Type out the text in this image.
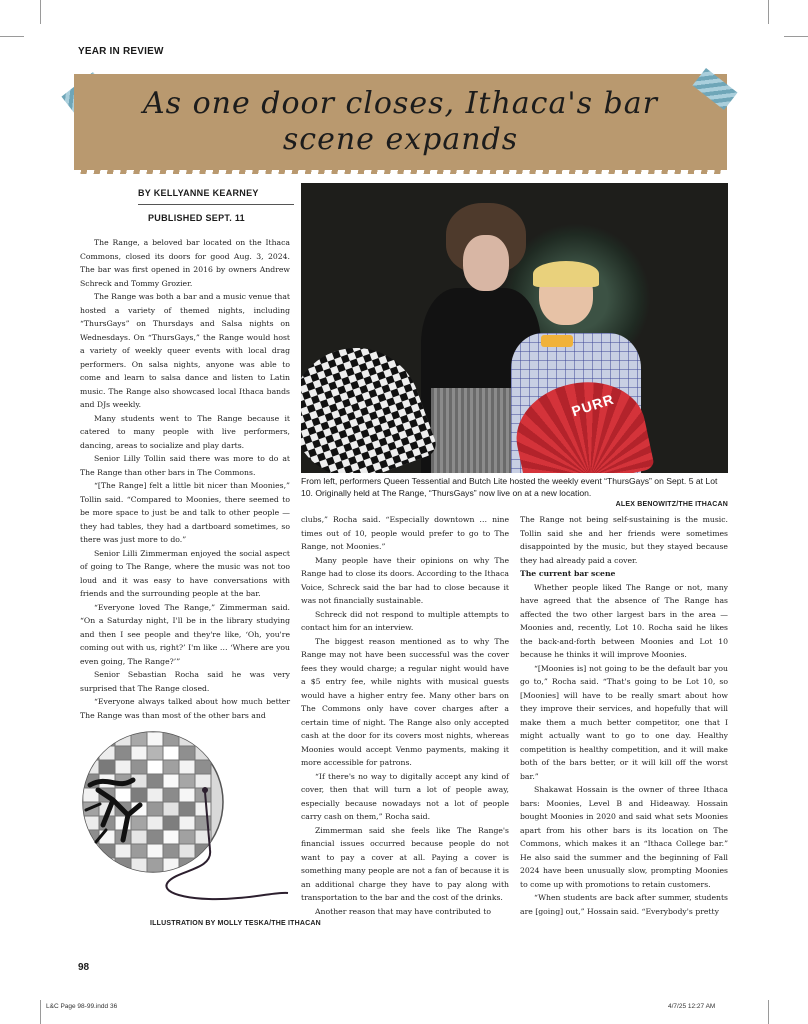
YEAR IN REVIEW
As one door closes, Ithaca's bar
scene expands
BY KELLYANNE KEARNEY
PUBLISHED SEPT. 11
PURR
From left, performers Queen Tessential and Butch Lite hosted the weekly event “ThursGays” on Sept. 5 at Lot 10. Originally held at The Range, “ThursGays” now live on at a new location.
ALEX BENOWITZ/THE ITHACAN

The Range, a beloved bar located on the Ithaca Commons, closed its doors for good Aug. 3, 2024. The bar was first opened in 2016 by owners Andrew Schreck and Tommy Grozier.

The Range was both a bar and a music venue that hosted a variety of themed nights, including “ThursGays” on Thursdays and Salsa nights on Wednesdays. On “ThursGays,” the Range would host a variety of weekly queer events with local drag performers. On salsa nights, anyone was able to come and learn to salsa dance and listen to Latin music. The Range also showcased local Ithaca bands and DJs weekly.

Many students went to The Range because it catered to many people with live performers, dancing, areas to socialize and play darts.

Senior Lilly Tollin said there was more to do at The Range than other bars in The Commons.

“[The Range] felt a little bit nicer than Moonies,” Tollin said. “Compared to Moonies, there seemed to be more space to just be and talk to other people — they had tables, they had a dartboard sometimes, so there was just more to do.”

Senior Lilli Zimmerman enjoyed the social aspect of going to The Range, where the music was not too loud and it was easy to have conversations with friends and the surrounding people at the bar.

“Everyone loved The Range,” Zimmerman said. “On a Saturday night, I'll be in the library studying and then I see people and they're like, ‘Oh, you're coming out with us, right?’ I'm like … ‘Where are you even going, The Range?’”

Senior Sebastian Rocha said he was very surprised that The Range closed.

“Everyone always talked about how much better The Range was than most of the other bars and

clubs,” Rocha said. “Especially downtown … nine times out of 10, people would prefer to go to The Range, not Moonies.”

Many people have their opinions on why The Range had to close its doors. According to the Ithaca Voice, Schreck said the bar had to close because it was not financially sustainable.

Schreck did not respond to multiple attempts to contact him for an interview.

The biggest reason mentioned as to why The Range may not have been successful was the cover fees they would charge; a regular night would have a $5 entry fee, while nights with musical guests would have a higher entry fee. Many other bars on The Commons only have cover charges after a certain time of night. The Range also only accepted cash at the door for its covers most nights, whereas Moonies would accept Venmo payments, making it more accessible for patrons.

“If there's no way to digitally accept any kind of cover, then that will turn a lot of people away, especially because nowadays not a lot of people carry cash on them,” Rocha said.

Zimmerman said she feels like The Range's financial issues occurred because people do not want to pay a cover at all. Paying a cover is something many people are not a fan of because it is an additional charge they have to pay along with transportation to the bar and the cost of the drinks.

Another reason that may have contributed to

The Range not being self-sustaining is the music. Tollin said she and her friends were sometimes disappointed by the music, but they stayed because they had already paid a cover.

The current bar scene

Whether people liked The Range or not, many have agreed that the absence of The Range has affected the two other largest bars in the area — Moonies and, recently, Lot 10. Rocha said he likes the back-and-forth between Moonies and Lot 10 because he thinks it will improve Moonies.

“[Moonies is] not going to be the default bar you go to,” Rocha said. “That's going to be Lot 10, so [Moonies] will have to be really smart about how they improve their services, and hopefully that will make them a much better competitor, one that I might actually want to go to one day. Healthy competition is healthy competition, and it will make both of the bars better, or it will kill off the worst bar.”

Shakawat Hossain is the owner of three Ithaca bars: Moonies, Level B and Hideaway. Hossain bought Moonies in 2020 and said what sets Moonies apart from his other bars is its location on The Commons, which makes it an “Ithaca College bar.” He also said the summer and the beginning of Fall 2024 have been unusually slow, prompting Moonies to come up with promotions to retain customers.

“When students are back after summer, students are [going] out,” Hossain said. “Everybody's pretty

ILLUSTRATION BY MOLLY TESKA/THE ITHACAN
98
L&C Page 98-99.indd 36	4/7/25 12:27 AM
